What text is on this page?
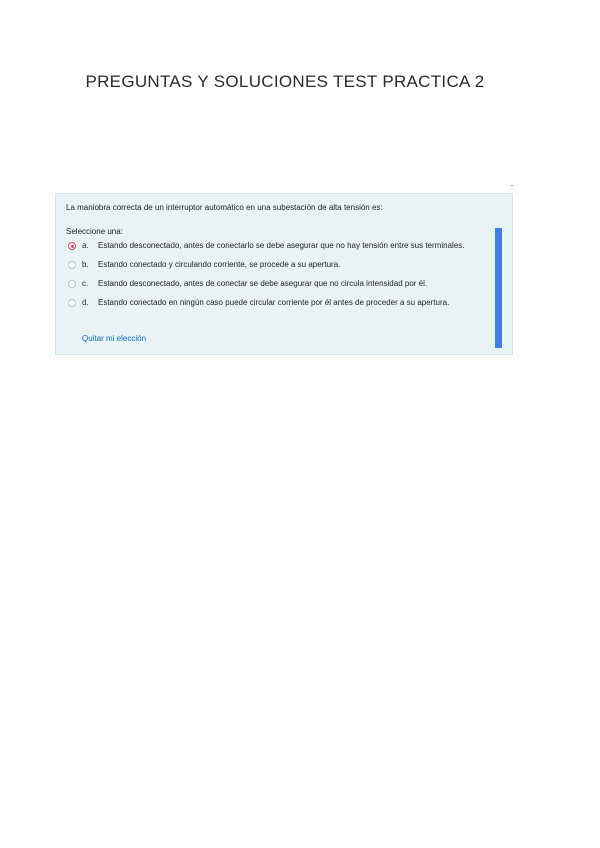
PREGUNTAS Y SOLUCIONES TEST PRACTICA 2
La maniobra correcta de un interruptor automático en una subestación de alta tensión es:
Seleccione una:
a.	Estando desconectado, antes de conectarlo se debe asegurar que no hay tensión entre sus terminales.
b.	Estando conectado y circulando corriente, se procede a su apertura.
c.	Estando desconectado, antes de conectar se debe asegurar que no circula intensidad por él.
d.	Estando conectado en ningún caso puede circular corriente por él antes de proceder a su apertura.
Quitar mi elección
